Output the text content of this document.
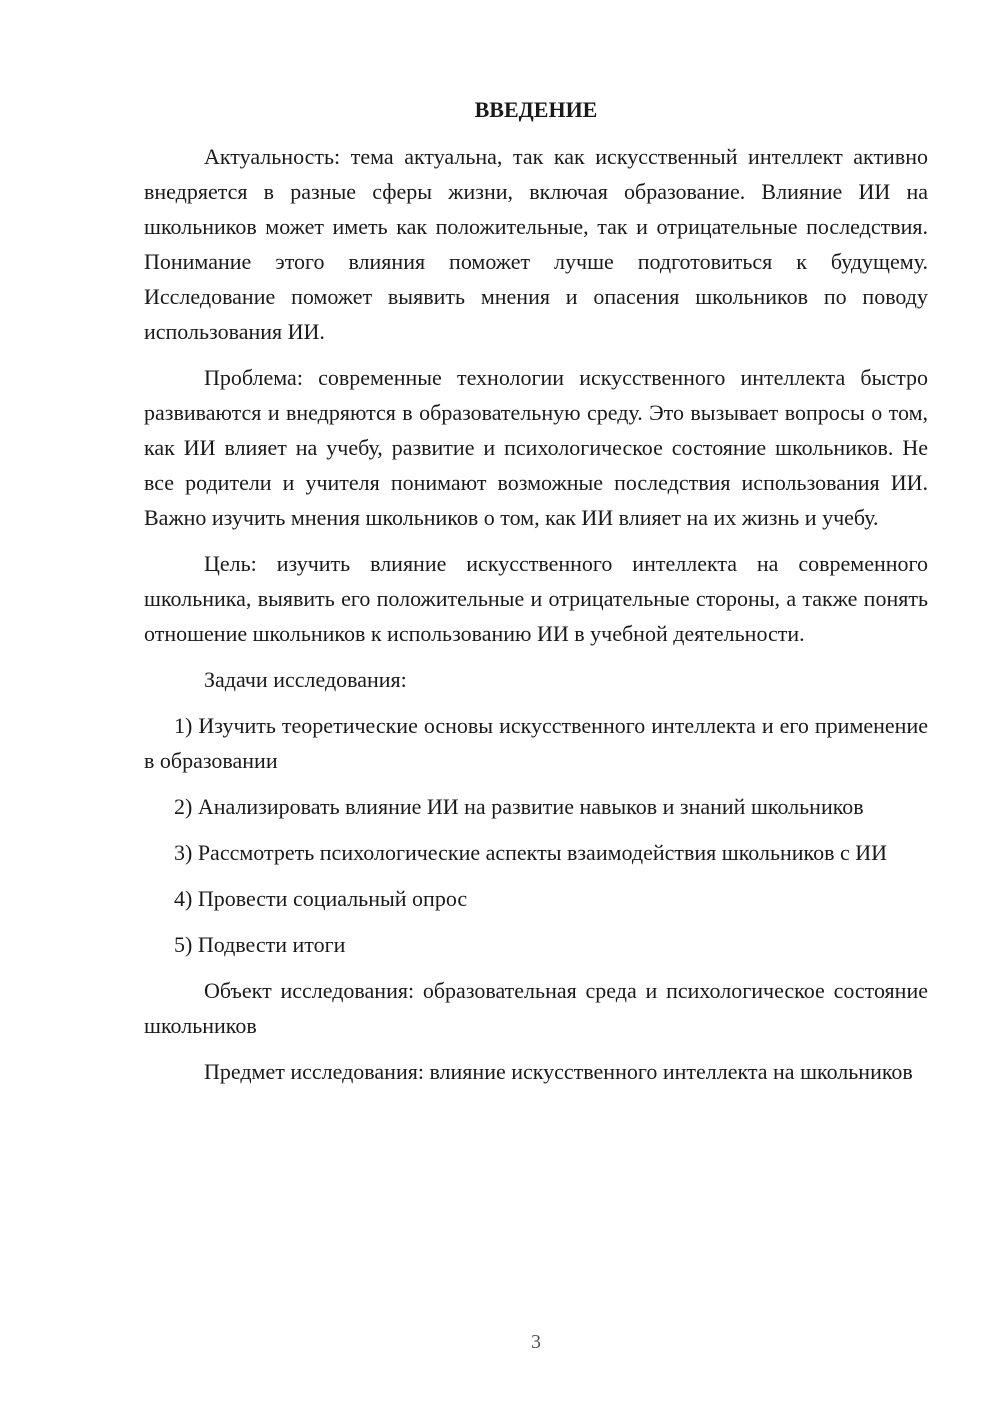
ВВЕДЕНИЕ

Актуальность: тема актуальна, так как искусственный интеллект активно внедряется в разные сферы жизни, включая образование. Влияние ИИ на школьников может иметь как положительные, так и отрицательные последствия. Понимание этого влияния поможет лучше подготовиться к будущему. Исследование поможет выявить мнения и опасения школьников по поводу использования ИИ.

Проблема: современные технологии искусственного интеллекта быстро развиваются и внедряются в образовательную среду. Это вызывает вопросы о том, как ИИ влияет на учебу, развитие и психологическое состояние школьников. Не все родители и учителя понимают возможные последствия использования ИИ. Важно изучить мнения школьников о том, как ИИ влияет на их жизнь и учебу.

Цель: изучить влияние искусственного интеллекта на современного школьника, выявить его положительные и отрицательные стороны, а также понять отношение школьников к использованию ИИ в учебной деятельности.

Задачи исследования:

1) Изучить теоретические основы искусственного интеллекта и его применение в образовании

2) Анализировать влияние ИИ на развитие навыков и знаний школьников

3) Рассмотреть психологические аспекты взаимодействия школьников с ИИ

4) Провести социальный опрос

5) Подвести итоги

Объект исследования: образовательная среда и психологическое состояние школьников

Предмет исследования: влияние искусственного интеллекта на школьников

3
